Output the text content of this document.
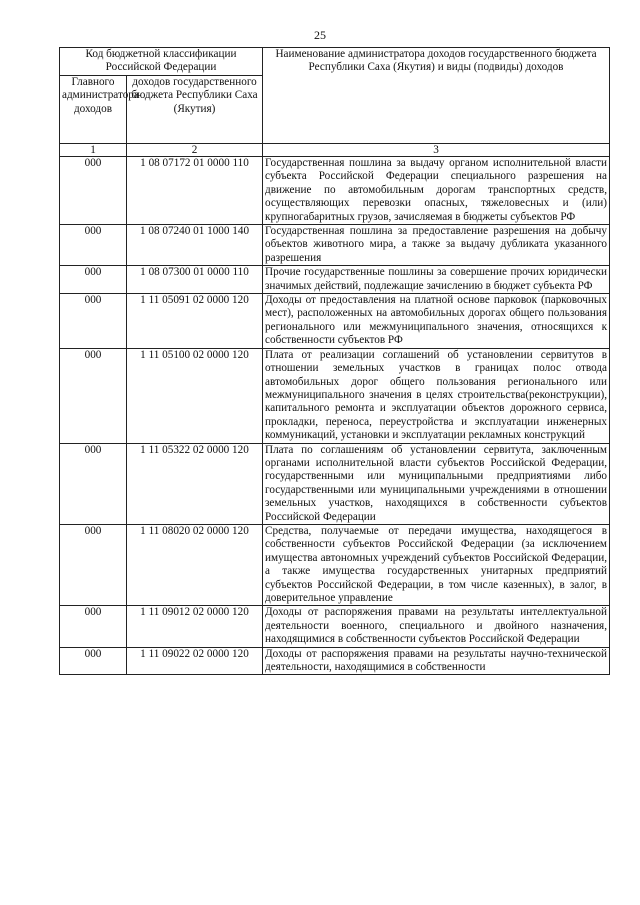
25
Код бюджетной классификации Российской Федерации		Наименование администратора доходов государственного бюджета Республики Саха (Якутия) и виды (подвиды) доходов
Главного администратора доходов	доходов государственного бюджета Республики Саха (Якутия)	
1	2	3
000	1 08 07172 01 0000 110	Государственная пошлина за выдачу органом исполнительной власти субъекта Российской Федерации специального разрешения на движение по автомобильным дорогам транспортных средств, осуществляющих перевозки опасных, тяжеловесных и (или) крупногабаритных грузов, зачисляемая в бюджеты субъектов РФ
000	1 08 07240 01 1000 140	Государственная пошлина за предоставление разрешения на добычу объектов животного мира, а также за выдачу дубликата указанного разрешения
000	1 08 07300 01 0000 110	Прочие государственные пошлины за совершение прочих юридически значимых действий, подлежащие зачислению в бюджет субъекта РФ
000	1 11 05091 02 0000 120	Доходы от предоставления на платной основе парковок (парковочных мест), расположенных на автомобильных дорогах общего пользования регионального или межмуниципального значения, относящихся к собственности субъектов РФ
000	1 11 05100 02 0000 120	Плата от реализации соглашений об установлении сервитутов в отношении земельных участков в границах полос отвода автомобильных дорог общего пользования регионального или межмуниципального значения в целях строительства(реконструкции), капитального ремонта и эксплуатации объектов дорожного сервиса, прокладки, переноса, переустройства и эксплуатации инженерных коммуникаций, установки и эксплуатации рекламных конструкций
000	1 11 05322 02 0000 120	Плата по соглашениям об установлении сервитута, заключенным органами исполнительной власти субъектов Российской Федерации, государственными или муниципальными предприятиями либо государственными или муниципальными учреждениями в отношении земельных участков, находящихся в собственности субъектов Российской Федерации
000	1 11 08020 02 0000 120	Средства, получаемые от передачи имущества, находящегося в собственности субъектов Российской Федерации (за исключением имущества автономных учреждений субъектов Российской Федерации, а также имущества государственных унитарных предприятий субъектов Российской Федерации, в том числе казенных), в залог, в доверительное управление
000	1 11 09012 02 0000 120	Доходы от распоряжения правами на результаты интеллектуальной деятельности военного, специального и двойного назначения, находящимися в собственности субъектов Российской Федерации
000	1 11 09022 02 0000 120	Доходы от распоряжения правами на результаты научно-технической деятельности, находящимися в собственности
